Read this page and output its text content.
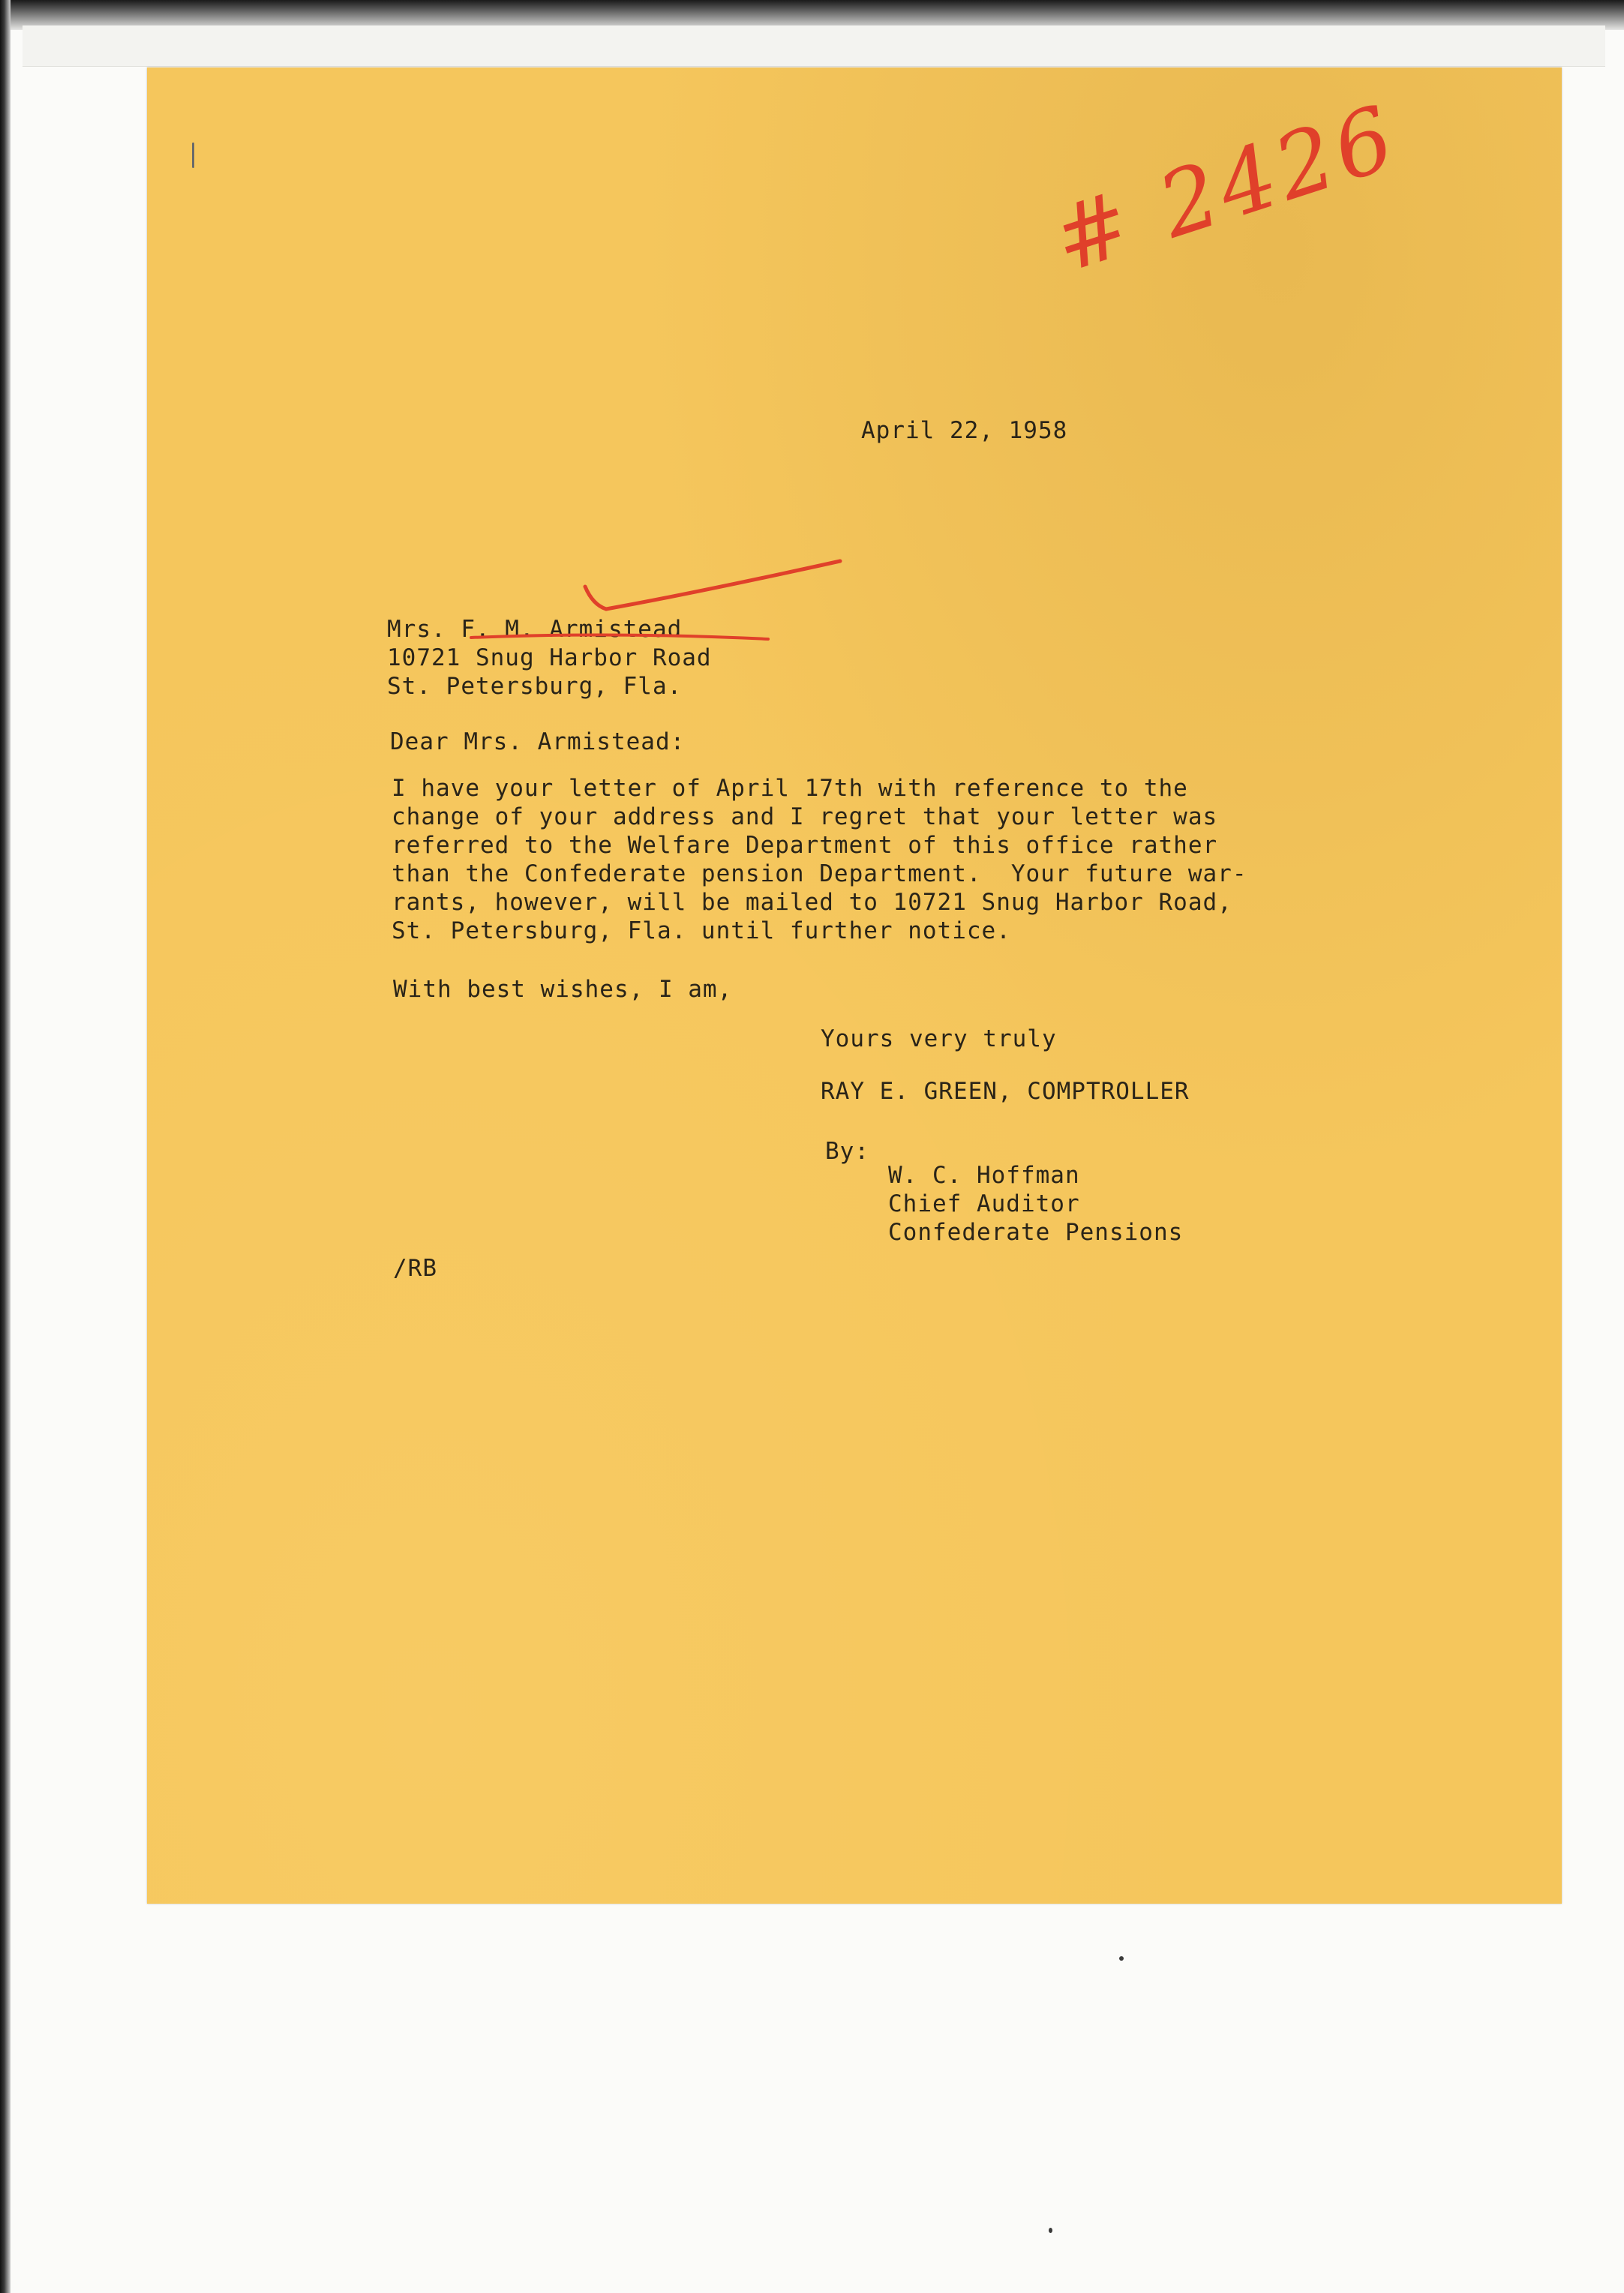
# 2426

April 22, 1958

Mrs. F. M. Armistead
10721 Snug Harbor Road
St. Petersburg, Fla.

Dear Mrs. Armistead:

I have your letter of April 17th with reference to the
change of your address and I regret that your letter was
referred to the Welfare Department of this office rather
than the Confederate pension Department.  Your future war-
rants, however, will be mailed to 10721 Snug Harbor Road,
St. Petersburg, Fla. until further notice.

With best wishes, I am,

Yours very truly

RAY E. GREEN, COMPTROLLER

By:

W. C. Hoffman
Chief Auditor
Confederate Pensions

/RB
